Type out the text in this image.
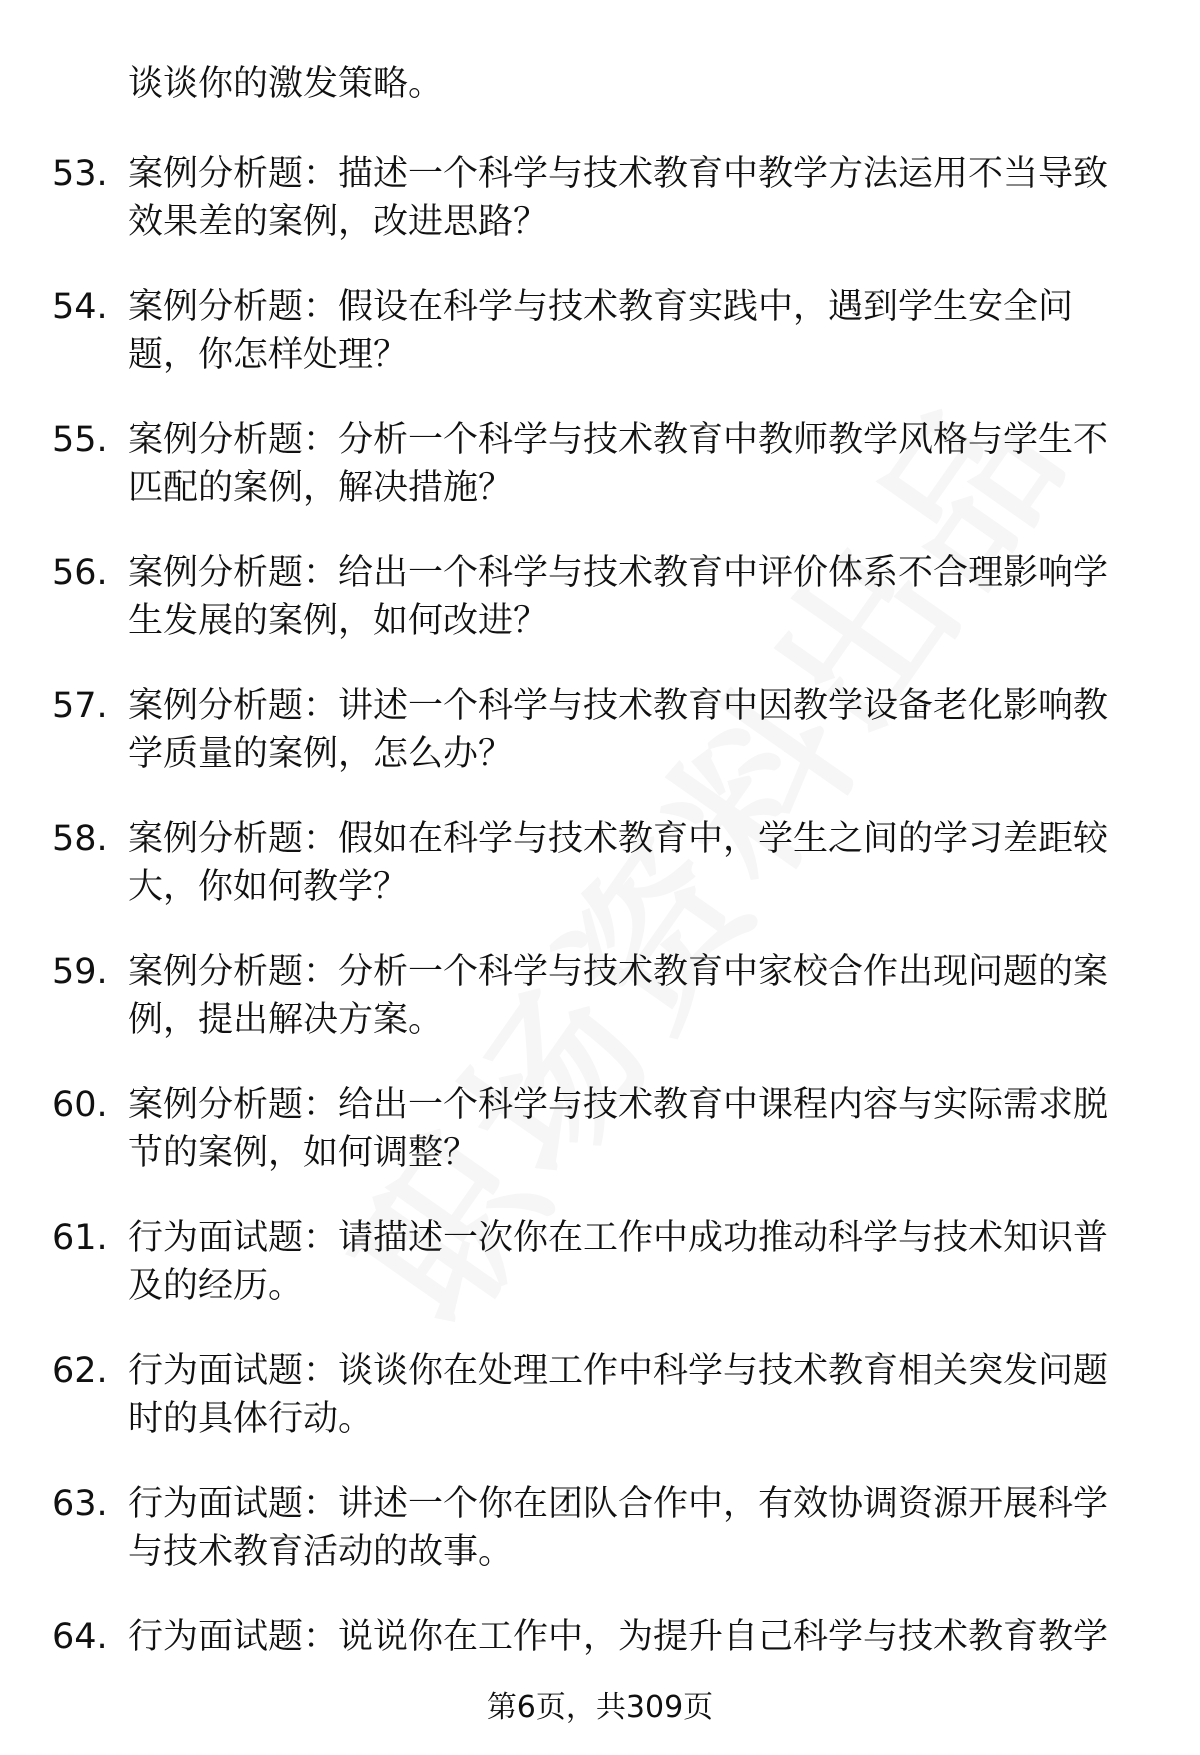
谈谈你的激发策略。
53. 案例分析题：描述一个科学与技术教育中教学方法运用不当导致效果差的案例，改进思路？
54. 案例分析题：假设在科学与技术教育实践中，遇到学生安全问题，你怎样处理？
55. 案例分析题：分析一个科学与技术教育中教师教学风格与学生不匹配的案例，解决措施？
56. 案例分析题：给出一个科学与技术教育中评价体系不合理影响学生发展的案例，如何改进？
57. 案例分析题：讲述一个科学与技术教育中因教学设备老化影响教学质量的案例，怎么办？
58. 案例分析题：假如在科学与技术教育中，学生之间的学习差距较大，你如何教学？
59. 案例分析题：分析一个科学与技术教育中家校合作出现问题的案例，提出解决方案。
60. 案例分析题：给出一个科学与技术教育中课程内容与实际需求脱节的案例，如何调整？
61. 行为面试题：请描述一次你在工作中成功推动科学与技术知识普及的经历。
62. 行为面试题：谈谈你在处理工作中科学与技术教育相关突发问题时的具体行动。
63. 行为面试题：讲述一个你在团队合作中，有效协调资源开展科学与技术教育活动的故事。
64. 行为面试题：说说你在工作中，为提升自己科学与技术教育教学
第6页，共309页
